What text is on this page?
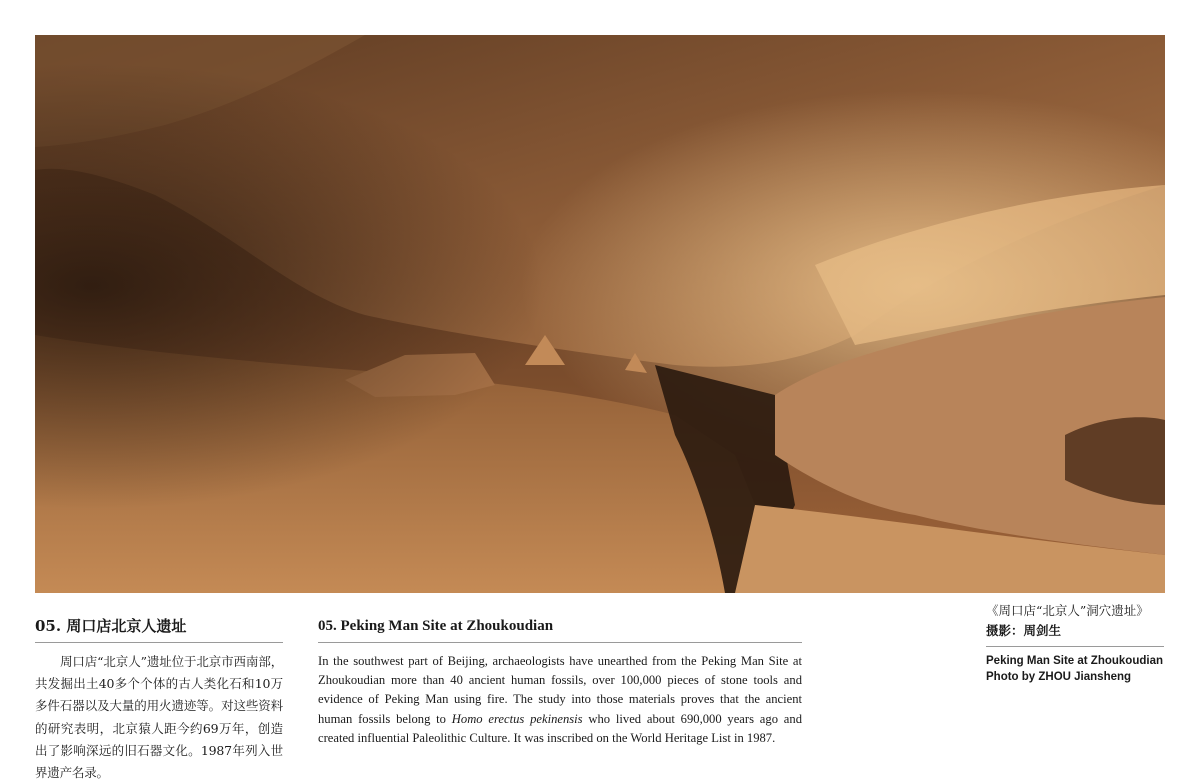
05. 周口店北京人遗址

周口店“北京人”遗址位于北京市西南部，共发掘出土40多个个体的古人类化石和10万多件石器以及大量的用火遗迹等。对这些资料的研究表明，北京猿人距今约69万年，创造出了影响深远的旧石器文化。1987年列入世界遗产名录。

05. Peking Man Site at Zhoukoudian

In the southwest part of Beijing, archaeologists have unearthed from the Peking Man Site at Zhoukoudian more than 40 ancient human fossils, over 100,000 pieces of stone tools and evidence of Peking Man using fire. The study into those materials proves that the ancient human fossils belong to Homo erectus pekinensis who lived about 690,000 years ago and created influential Paleolithic Culture. It was inscribed on the World Heritage List in 1987.

《周口店“北京人”洞穴遗址》

摄影：周剑生

Peking Man Site at Zhoukoudian

Photo by ZHOU Jiansheng
